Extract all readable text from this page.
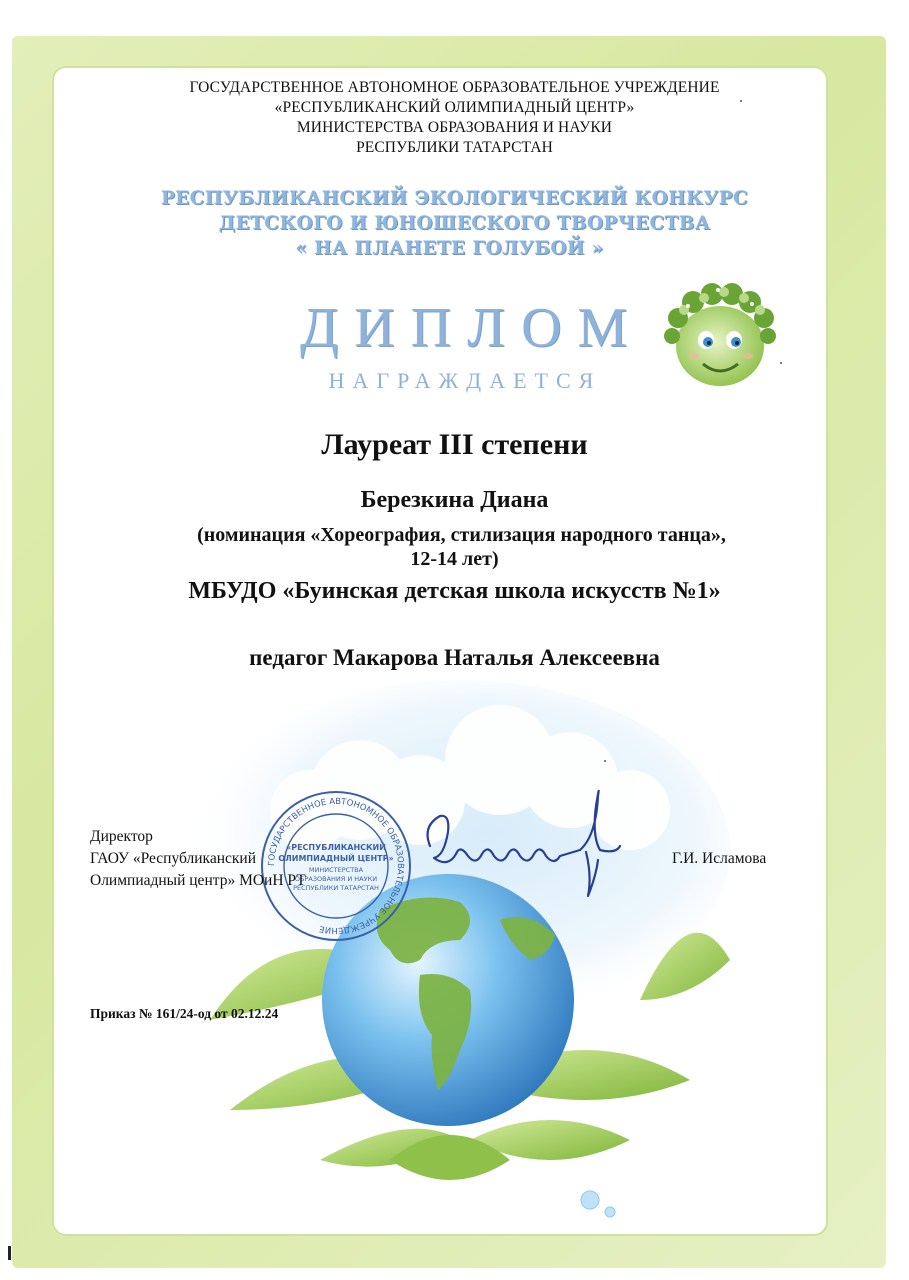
ГОСУДАРСТВЕННОЕ АВТОНОМНОЕ ОБРАЗОВАТЕЛЬНОЕ УЧРЕЖДЕНИЕ
«РЕСПУБЛИКАНСКИЙ ОЛИМПИАДНЫЙ ЦЕНТР»
МИНИСТЕРСТВА ОБРАЗОВАНИЯ И НАУКИ
РЕСПУБЛИКИ ТАТАРСТАН
РЕСПУБЛИКАНСКИЙ ЭКОЛОГИЧЕСКИЙ КОНКУРС
ДЕТСКОГО И ЮНОШЕСКОГО ТВОРЧЕСТВА
« НА ПЛАНЕТЕ ГОЛУБОЙ »
ДИПЛОМ
НАГРАЖДАЕТСЯ
Лауреат III степени
Березкина Диана
(номинация «Хореография, стилизация народного танца»,
12-14 лет)
МБУДО «Буинская детская школа искусств №1»
педагог Макарова Наталья Алексеевна
ГОСУДАРСТВЕННОЕ АВТОНОМНОЕ ОБРАЗОВАТЕЛЬНОЕ УЧРЕЖДЕНИЕ
«РЕСПУБЛИКАНСКИЙ
ОЛИМПИАДНЫЙ ЦЕНТР»
МИНИСТЕРСТВА
ОБРАЗОВАНИЯ И НАУКИ
РЕСПУБЛИКИ ТАТАРСТАН
Директор
ГАОУ «Республиканский
Олимпиадный центр» МОиН РТ
Г.И. Исламова
Приказ № 161/24-од от 02.12.24
